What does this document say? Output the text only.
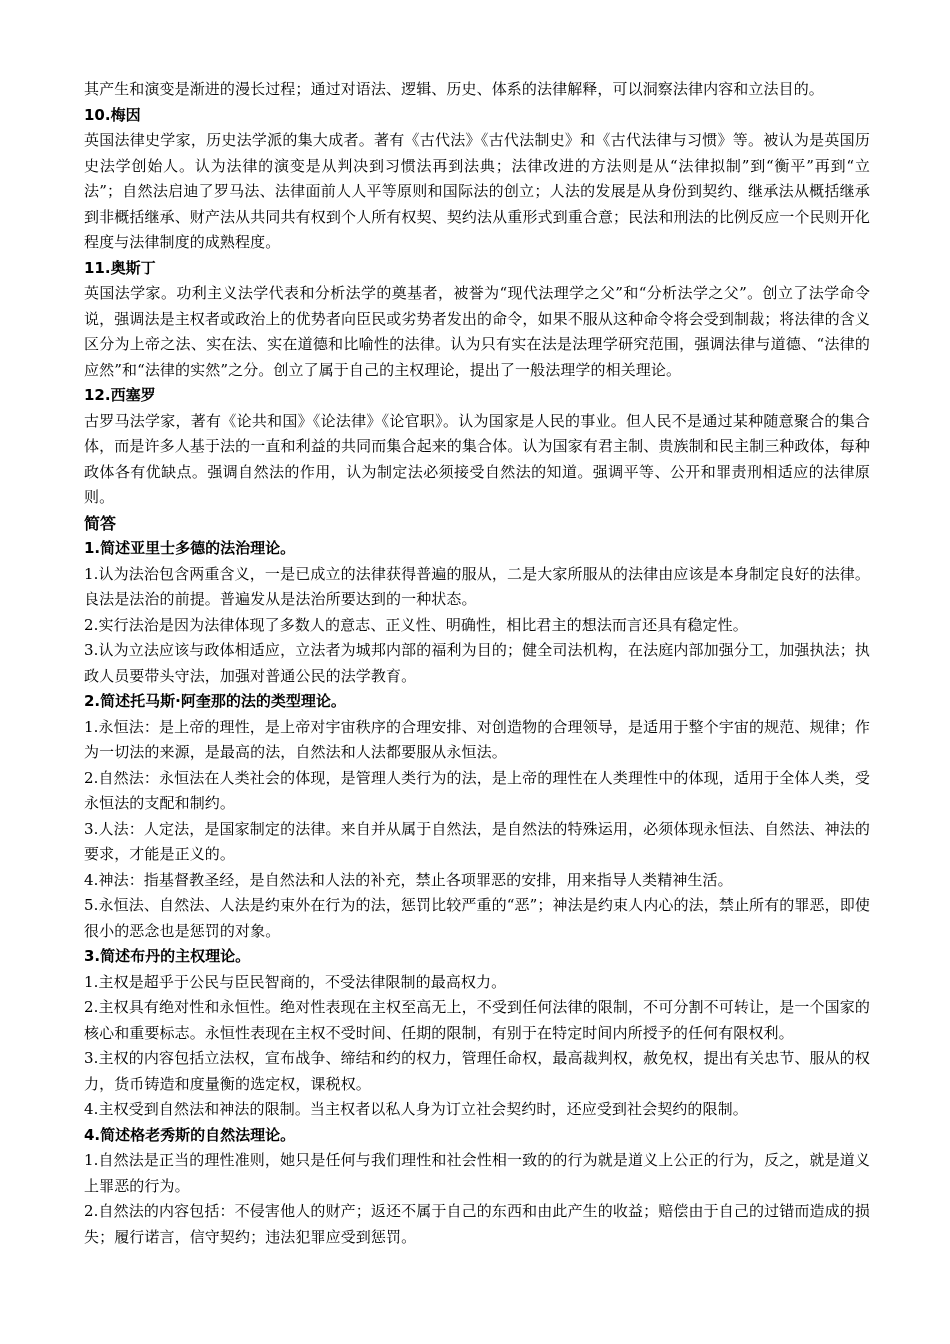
其产生和演变是渐进的漫长过程；通过对语法、逻辑、历史、体系的法律解释，可以洞察法律内容和立法目的。

10.梅因

英国法律史学家，历史法学派的集大成者。著有《古代法》《古代法制史》和《古代法律与习惯》等。被认为是英国历史法学创始人。认为法律的演变是从判决到习惯法再到法典；法律改进的方法则是从“法律拟制”到“衡平”再到“立法”；自然法启迪了罗马法、法律面前人人平等原则和国际法的创立；人法的发展是从身份到契约、继承法从概括继承到非概括继承、财产法从共同共有权到个人所有权契、契约法从重形式到重合意；民法和刑法的比例反应一个民则开化程度与法律制度的成熟程度。

11.奥斯丁

英国法学家。功利主义法学代表和分析法学的奠基者，被誉为“现代法理学之父”和“分析法学之父”。创立了法学命令说，强调法是主权者或政治上的优势者向臣民或劣势者发出的命令，如果不服从这种命令将会受到制裁；将法律的含义区分为上帝之法、实在法、实在道德和比喻性的法律。认为只有实在法是法理学研究范围，强调法律与道德、“法律的应然”和“法律的实然”之分。创立了属于自己的主权理论，提出了一般法理学的相关理论。

12.西塞罗

古罗马法学家，著有《论共和国》《论法律》《论官职》。认为国家是人民的事业。但人民不是通过某种随意聚合的集合体，而是许多人基于法的一直和利益的共同而集合起来的集合体。认为国家有君主制、贵族制和民主制三种政体，每种政体各有优缺点。强调自然法的作用，认为制定法必须接受自然法的知道。强调平等、公开和罪责刑相适应的法律原则。

简答

1.简述亚里士多德的法治理论。

1.认为法治包含两重含义，一是已成立的法律获得普遍的服从，二是大家所服从的法律由应该是本身制定良好的法律。良法是法治的前提。普遍发从是法治所要达到的一种状态。

2.实行法治是因为法律体现了多数人的意志、正义性、明确性，相比君主的想法而言还具有稳定性。

3.认为立法应该与政体相适应，立法者为城邦内部的福利为目的；健全司法机构，在法庭内部加强分工，加强执法；执政人员要带头守法，加强对普通公民的法学教育。

2.简述托马斯·阿奎那的法的类型理论。

1.永恒法：是上帝的理性，是上帝对宇宙秩序的合理安排、对创造物的合理领导，是适用于整个宇宙的规范、规律；作为一切法的来源，是最高的法，自然法和人法都要服从永恒法。

2.自然法：永恒法在人类社会的体现，是管理人类行为的法，是上帝的理性在人类理性中的体现，适用于全体人类，受永恒法的支配和制约。

3.人法：人定法，是国家制定的法律。来自并从属于自然法，是自然法的特殊运用，必须体现永恒法、自然法、神法的要求，才能是正义的。

4.神法：指基督教圣经，是自然法和人法的补充，禁止各项罪恶的安排，用来指导人类精神生活。

5.永恒法、自然法、人法是约束外在行为的法，惩罚比较严重的“恶”；神法是约束人内心的法，禁止所有的罪恶，即使很小的恶念也是惩罚的对象。

3.简述布丹的主权理论。

1.主权是超乎于公民与臣民智商的，不受法律限制的最高权力。

2.主权具有绝对性和永恒性。绝对性表现在主权至高无上，不受到任何法律的限制，不可分割不可转让，是一个国家的核心和重要标志。永恒性表现在主权不受时间、任期的限制，有别于在特定时间内所授予的任何有限权利。

3.主权的内容包括立法权，宣布战争、缔结和约的权力，管理任命权，最高裁判权，赦免权，提出有关忠节、服从的权力，货币铸造和度量衡的选定权，课税权。

4.主权受到自然法和神法的限制。当主权者以私人身为订立社会契约时，还应受到社会契约的限制。

4.简述格老秀斯的自然法理论。

1.自然法是正当的理性准则，她只是任何与我们理性和社会性相一致的的行为就是道义上公正的行为，反之，就是道义上罪恶的行为。

2.自然法的内容包括：不侵害他人的财产；返还不属于自己的东西和由此产生的收益；赔偿由于自己的过错而造成的损失；履行诺言，信守契约；违法犯罪应受到惩罚。
